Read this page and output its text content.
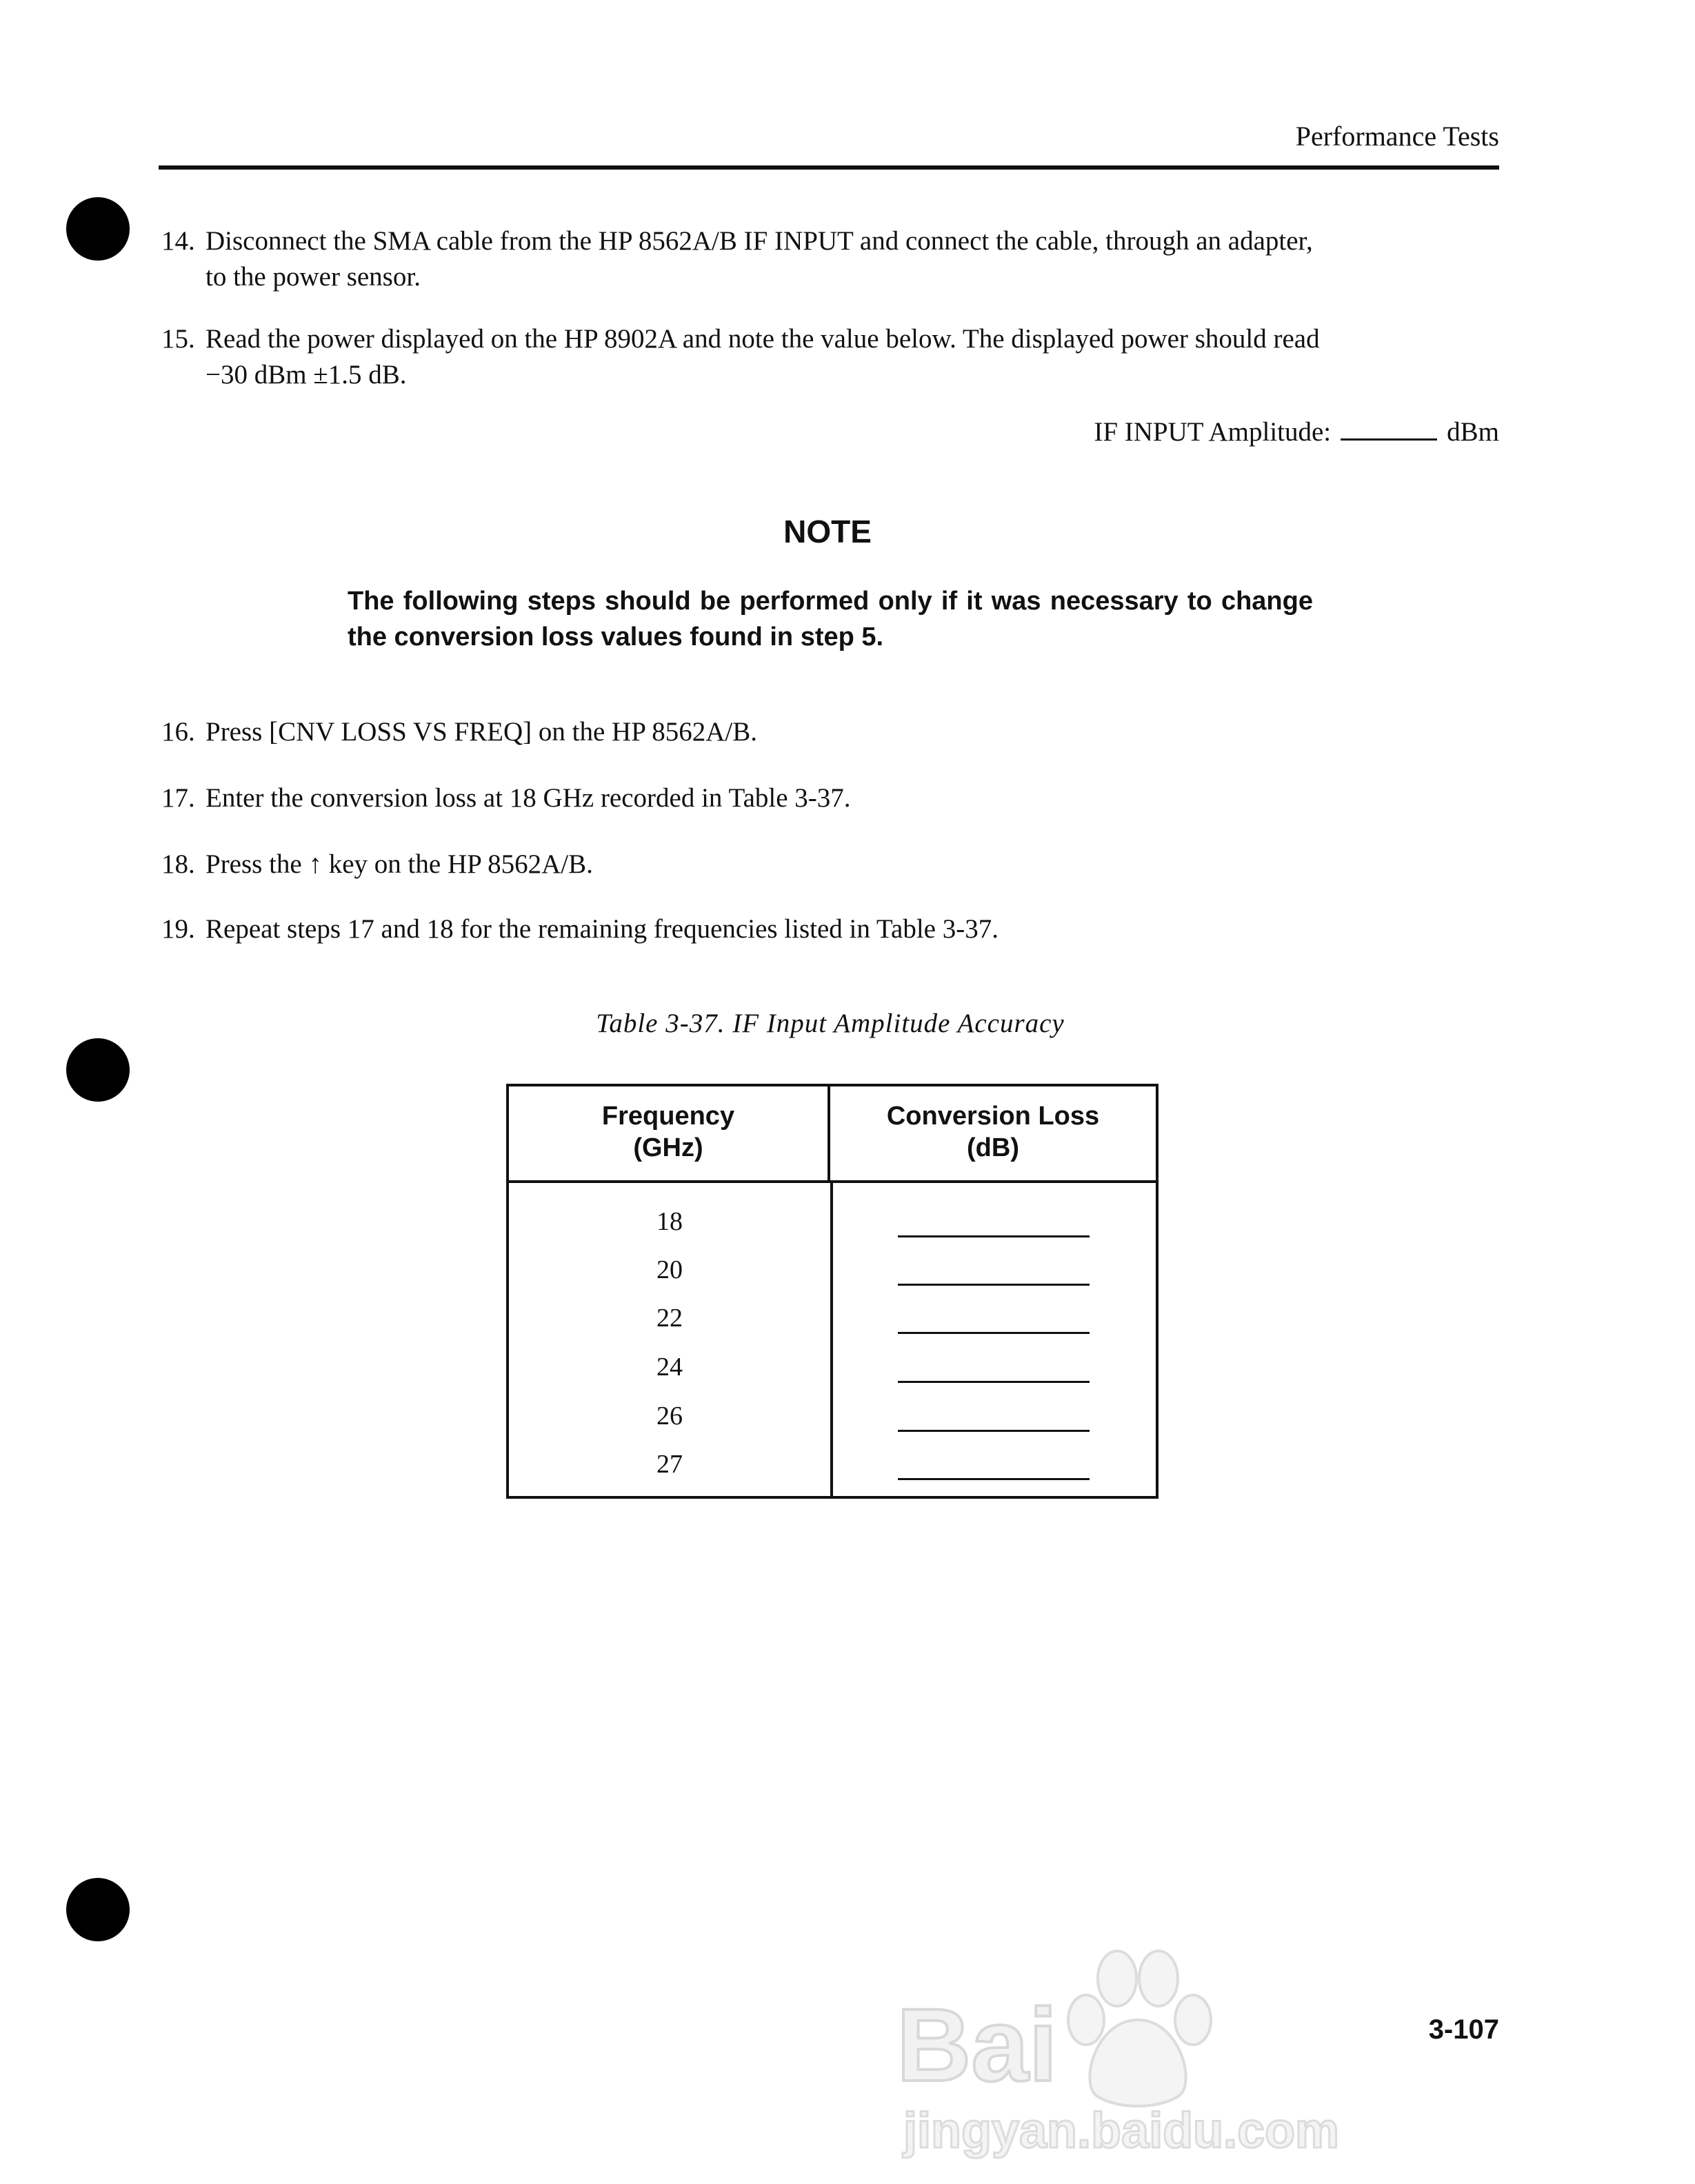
Performance Tests
14. Disconnect the SMA cable from the HP 8562A/B IF INPUT and connect the cable, through an adapter,
to the power sensor.
15. Read the power displayed on the HP 8902A and note the value below. The displayed power should read
−30 dBm ±1.5 dB.
IF INPUT Amplitude:	dBm
NOTE
The following steps should be performed only if it was necessary to change the conversion loss values found in step 5.
16. Press [CNV LOSS VS FREQ] on the HP 8562A/B.
17. Enter the conversion loss at 18 GHz recorded in Table 3-37.
18. Press the ↑ key on the HP 8562A/B.
19. Repeat steps 17 and 18 for the remaining frequencies listed in Table 3-37.
Table 3-37. IF Input Amplitude Accuracy
Frequency
(GHz)
Conversion Loss
(dB)
18
20
22
24
26
27
Bai
jingyan.baidu.com
3-107
